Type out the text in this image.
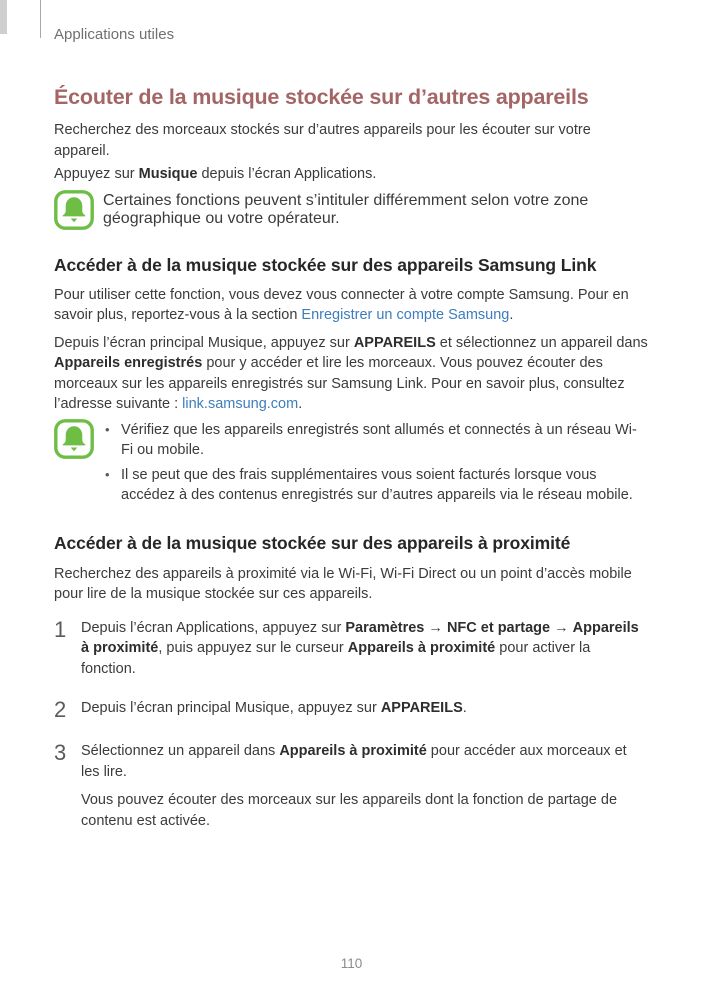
Applications utiles

Écouter de la musique stockée sur d’autres appareils

Recherchez des morceaux stockés sur d’autres appareils pour les écouter sur votre appareil.

Appuyez sur Musique depuis l’écran Applications.

Certaines fonctions peuvent s’intituler différemment selon votre zone géographique ou votre opérateur.
Accéder à de la musique stockée sur des appareils Samsung Link

Pour utiliser cette fonction, vous devez vous connecter à votre compte Samsung. Pour en savoir plus, reportez-vous à la section Enregistrer un compte Samsung.

Depuis l’écran principal Musique, appuyez sur APPAREILS et sélectionnez un appareil dans Appareils enregistrés pour y accéder et lire les morceaux. Vous pouvez écouter des morceaux sur les appareils enregistrés sur Samsung Link. Pour en savoir plus, consultez l’adresse suivante : link.samsung.com.

• Vérifiez que les appareils enregistrés sont allumés et connectés à un réseau Wi-Fi ou mobile.

• Il se peut que des frais supplémentaires vous soient facturés lorsque vous accédez à des contenus enregistrés sur d’autres appareils via le réseau mobile.

Accéder à de la musique stockée sur des appareils à proximité

Recherchez des appareils à proximité via le Wi-Fi, Wi-Fi Direct ou un point d’accès mobile pour lire de la musique stockée sur ces appareils.

1	Depuis l’écran Applications, appuyez sur Paramètres → NFC et partage → Appareils à proximité, puis appuyez sur le curseur Appareils à proximité pour activer la fonction.

2	Depuis l’écran principal Musique, appuyez sur APPAREILS.

3	Sélectionnez un appareil dans Appareils à proximité pour accéder aux morceaux et les lire.

Vous pouvez écouter des morceaux sur les appareils dont la fonction de partage de contenu est activée.

110
